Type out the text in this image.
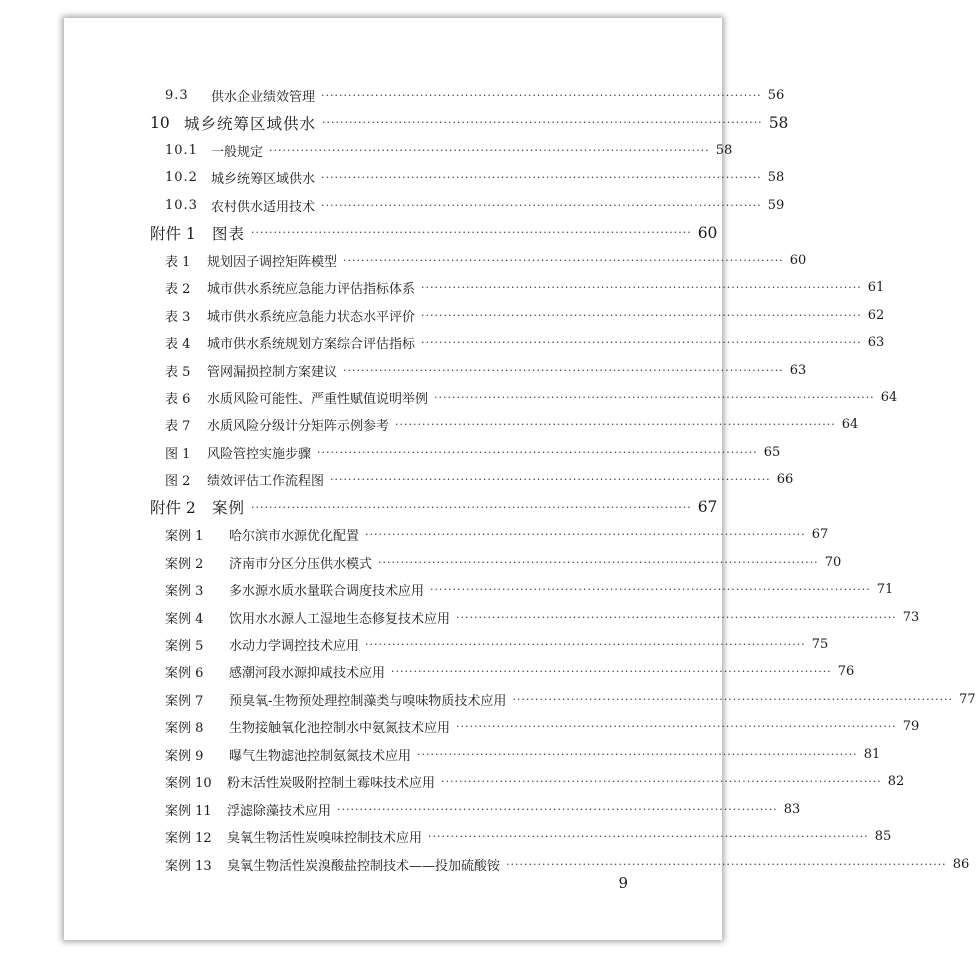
9.3	供水企业绩效管理 ·································································································· 56
10 城乡统筹区域供水 ·································································································· 58
10.1	一般规定 ·································································································· 58
10.2	城乡统筹区域供水 ·································································································· 58
10.3	农村供水适用技术 ·································································································· 59
附件 1	图表 ·································································································· 60
表 1	规划因子调控矩阵模型 ·································································································· 60
表 2	城市供水系统应急能力评估指标体系 ·································································································· 61
表 3	城市供水系统应急能力状态水平评价 ·································································································· 62
表 4	城市供水系统规划方案综合评估指标 ·································································································· 63
表 5	管网漏损控制方案建议 ·································································································· 63
表 6	水质风险可能性、严重性赋值说明举例 ·································································································· 64
表 7	水质风险分级计分矩阵示例参考 ·································································································· 64
图 1	风险管控实施步骤 ·································································································· 65
图 2	绩效评估工作流程图 ·································································································· 66
附件 2	案例 ·································································································· 67
案例 1	哈尔滨市水源优化配置 ·································································································· 67
案例 2	济南市分区分压供水模式 ·································································································· 70
案例 3	多水源水质水量联合调度技术应用 ·································································································· 71
案例 4	饮用水水源人工湿地生态修复技术应用 ·································································································· 73
案例 5	水动力学调控技术应用 ·································································································· 75
案例 6	感潮河段水源抑咸技术应用 ·································································································· 76
案例 7	预臭氧-生物预处理控制藻类与嗅味物质技术应用 ·································································································· 77
案例 8	生物接触氧化池控制水中氨氮技术应用 ·································································································· 79
案例 9	曝气生物滤池控制氨氮技术应用 ·································································································· 81
案例 10	粉末活性炭吸附控制土霉味技术应用 ·································································································· 82
案例 11	浮滤除藻技术应用 ·································································································· 83
案例 12	臭氧生物活性炭嗅味控制技术应用 ·································································································· 85
案例 13	臭氧生物活性炭溴酸盐控制技术——投加硫酸铵 ·································································································· 86
9
